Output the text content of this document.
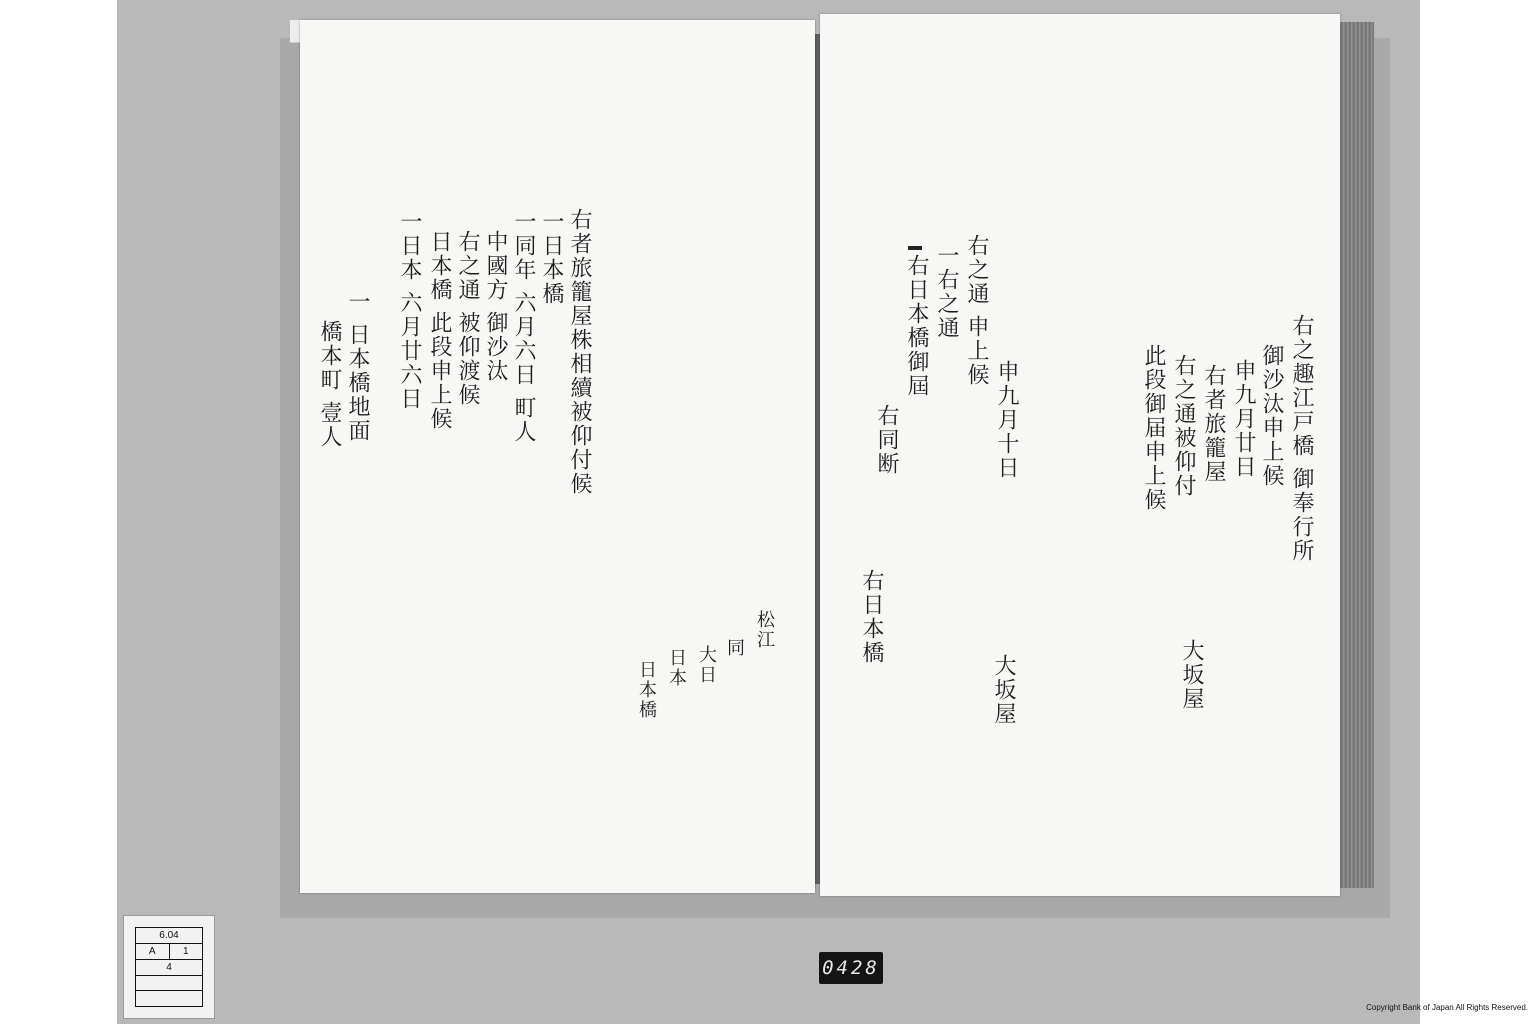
右者旅籠屋株相續被仰付候
一日本橋
一同年 六月六日 町人
中國方 御沙汰
右之通 被仰渡候
日本橋 此段申上候
一日本 六月廿六日
一 日本橋地面
橋本町 壹人
松江
同
大日
日本
日本橋
右之趣江戸橋 御奉行所
御沙汰申上候
申九月廿日
右者旅籠屋
右之通被仰付
此段御届申上候
申九月十日
右之通 申上候
一右之通
右日本橋御屆
右同断
大坂屋
大坂屋
右日本橋
6.04
A	1
4	0428
Copyright Bank of Japan All Rights Reserved.
